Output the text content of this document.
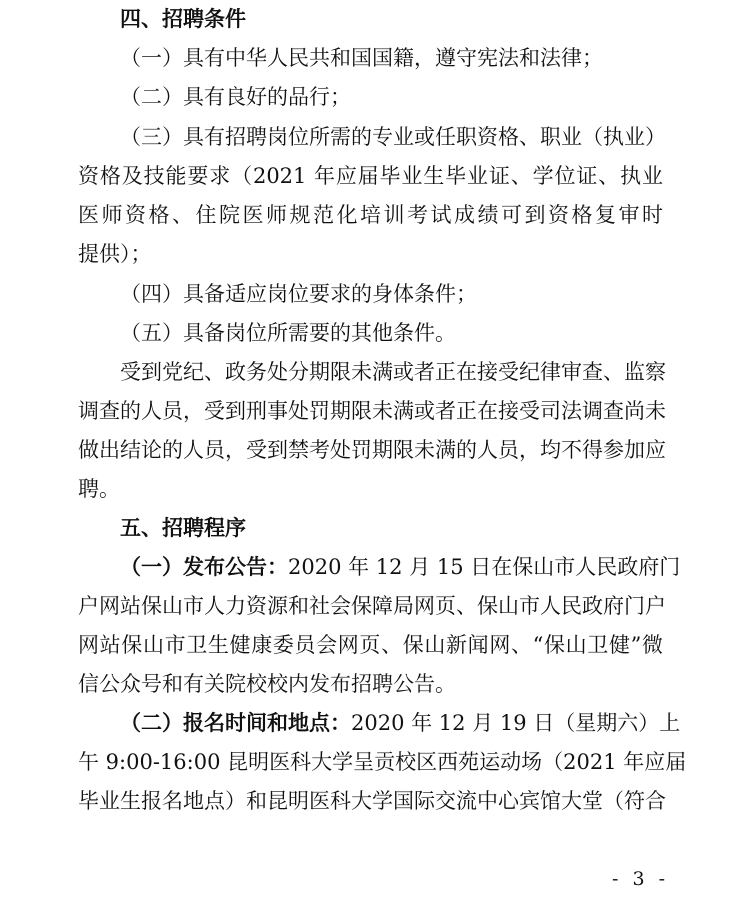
四、招聘条件
（一）具有中华人民共和国国籍，遵守宪法和法律；
（二）具有良好的品行；
（三）具有招聘岗位所需的专业或任职资格、职业（执业）
资格及技能要求（2021 年应届毕业生毕业证、学位证、执业
医师资格、住院医师规范化培训考试成绩可到资格复审时
提供）；
（四）具备适应岗位要求的身体条件；
（五）具备岗位所需要的其他条件。
受到党纪、政务处分期限未满或者正在接受纪律审查、监察
调查的人员，受到刑事处罚期限未满或者正在接受司法调查尚未
做出结论的人员，受到禁考处罚期限未满的人员，均不得参加应
聘。
五、招聘程序
（一）发布公告：2020 年 12 月 15 日在保山市人民政府门
户网站保山市人力资源和社会保障局网页、保山市人民政府门户
网站保山市卫生健康委员会网页、保山新闻网、“保山卫健”微
信公众号和有关院校校内发布招聘公告。
（二）报名时间和地点：2020 年 12 月 19 日（星期六）上
午 9:00-16:00 昆明医科大学呈贡校区西苑运动场（2021 年应届
毕业生报名地点）和昆明医科大学国际交流中心宾馆大堂（符合
- 3 -
